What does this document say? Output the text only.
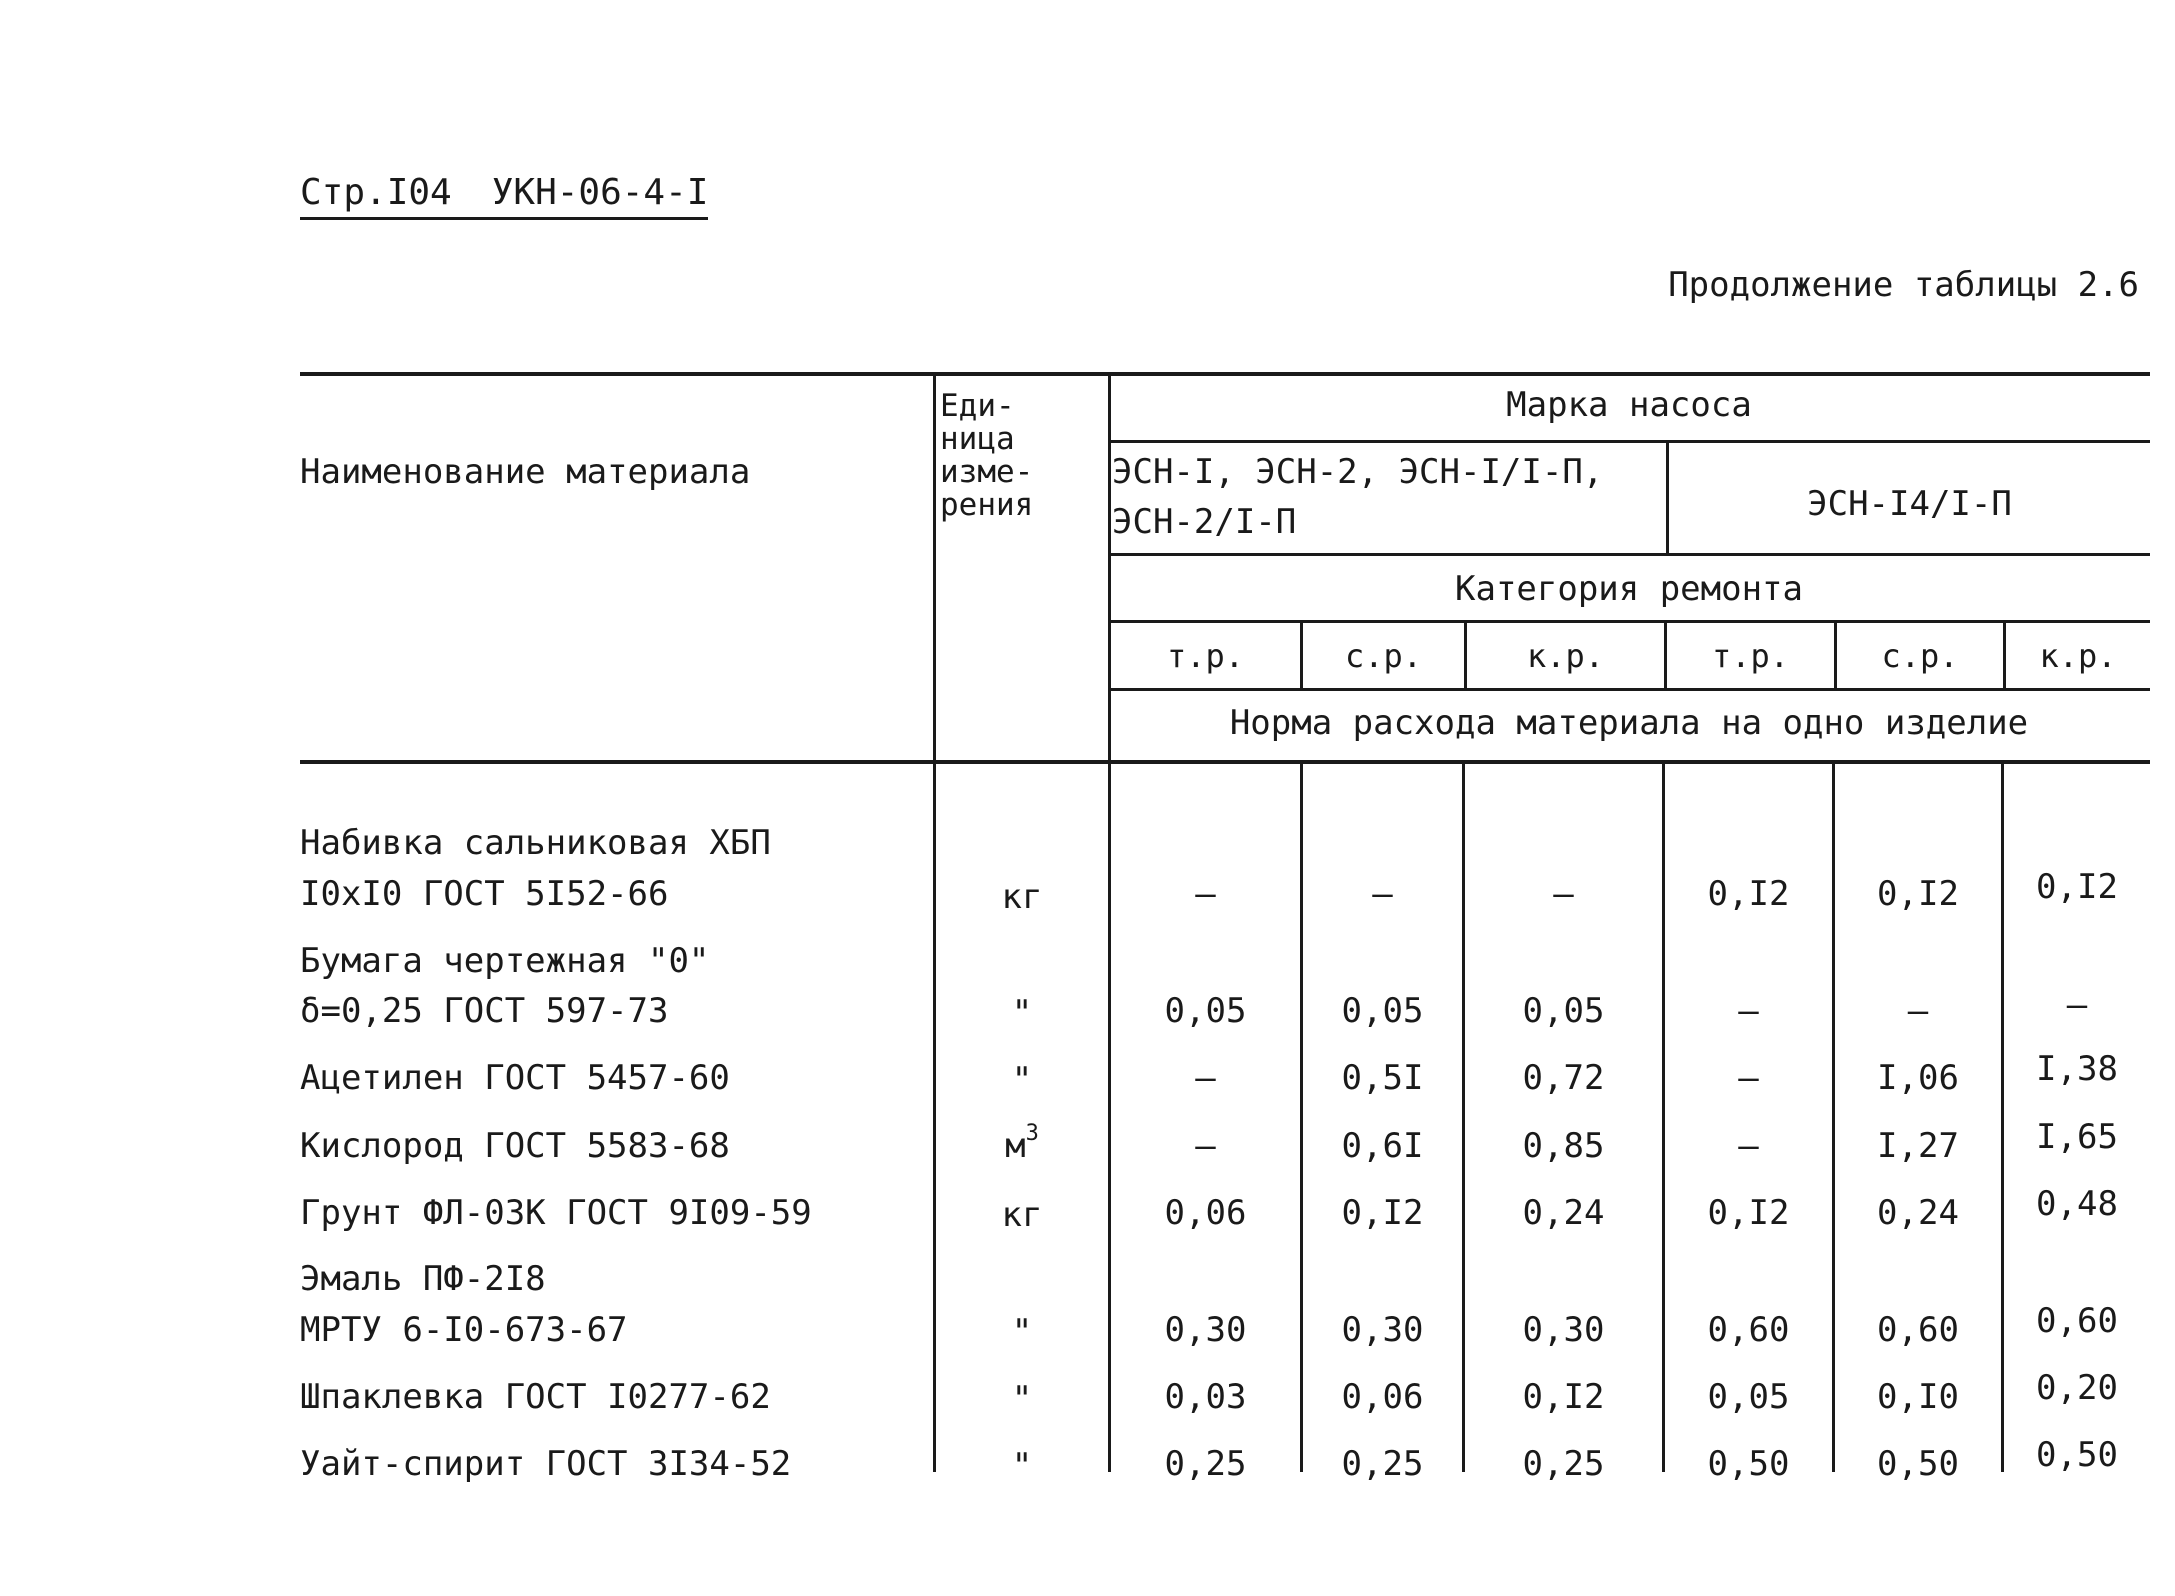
Стр.I04 УКН-06-4-I
Продолжение таблицы 2.6
Наименование материала
Еди-ница изме-рения
Марка насоса
ЭСН-I, ЭСН-2, ЭСН-I/I-П,
ЭСН-2/I-П	ЭСН-I4/I-П
Категория ремонта
т.р.	с.р.	к.р.	т.р.	с.р.	к.р.
Норма расхода материала на одно изделие
Набивка сальниковая ХБП
I0хI0 ГОСТ 5I52-66	кг	–	–	–	0,I2	0,I2	0,I2
Бумага чертежная "0"
δ=0,25 ГОСТ 597-73	"	0,05	0,05	0,05	–	–	–
Ацетилен ГОСТ 5457-60	"	–	0,5I	0,72	–	I,06	I,38
Кислород ГОСТ 5583-68	$м^3$	–	0,6I	0,85	–	I,27	I,65
Грунт ФЛ-03К ГОСТ 9I09-59	кг	0,06	0,I2	0,24	0,I2	0,24	0,48
Эмаль ПФ-2I8
МРТУ 6-I0-673-67	"	0,30	0,30	0,30	0,60	0,60	0,60
Шпаклевка ГОСТ I0277-62	"	0,03	0,06	0,I2	0,05	0,I0	0,20
Уайт-спирит ГОСТ 3I34-52	"	0,25	0,25	0,25	0,50	0,50	0,50
